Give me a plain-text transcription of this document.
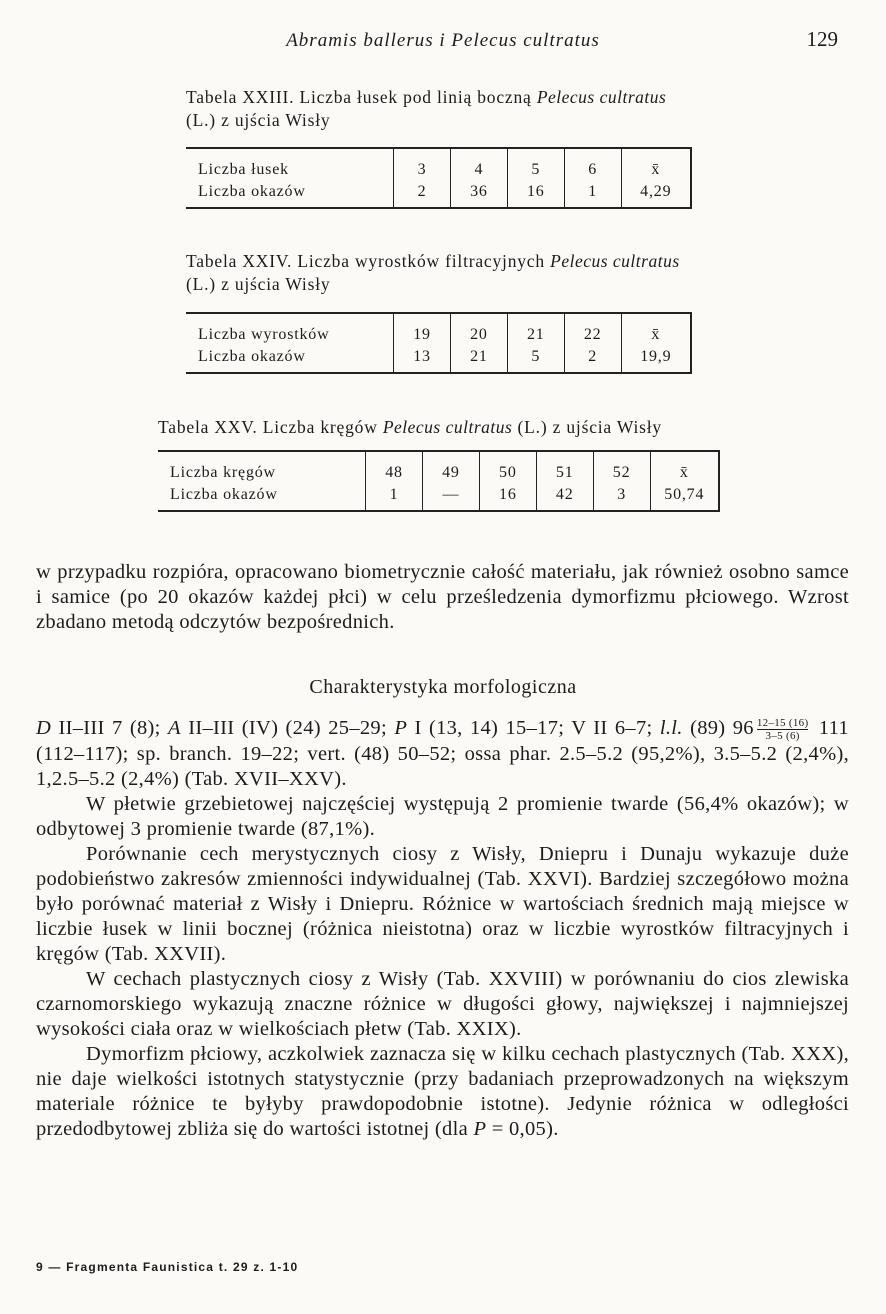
Abramis ballerus i Pelecus cultratus	129
Tabela XXIII. Liczba łusek pod linią boczną Pelecus cultratus
(L.) z ujścia Wisły
Liczba łusek	3	4	5	6	x̄
Liczba okazów	2	36	16	1	4,29
Tabela XXIV. Liczba wyrostków filtracyjnych Pelecus cultratus
(L.) z ujścia Wisły
Liczba wyrostków	19	20	21	22	x̄
Liczba okazów	13	21	5	2	19,9
Tabela XXV. Liczba kręgów Pelecus cultratus (L.) z ujścia Wisły
Liczba kręgów	48	49	50	51	52	x̄
Liczba okazów	1	—	16	42	3	50,74

w przypadku rozpióra, opracowano biometrycznie całość materiału, jak również osobno samce i samice (po 20 okazów każdej płci) w celu prześledzenia dymorfizmu płciowego. Wzrost zbadano metodą odczytów bezpośrednich.

Charakterystyka morfologiczna

D II–III 7 (8); A II–III (IV) (24) 25–29; P I (13, 14) 15–17; V II 6–7; l.l. (89) $96 \frac{12-15 (16)}{3-5 (6)} 111$ (112–117); sp. branch. 19–22; vert. (48) 50–52; ossa phar. 2.5–5.2 (95,2%), 3.5–5.2 (2,4%), 1,2.5–5.2 (2,4%) (Tab. XVII–XXV).

W płetwie grzebietowej najczęściej występują 2 promienie twarde (56,4% okazów); w odbytowej 3 promienie twarde (87,1%).

Porównanie cech merystycznych ciosy z Wisły, Dniepru i Dunaju wykazuje duże podobieństwo zakresów zmienności indywidualnej (Tab. XXVI). Bardziej szczegółowo można było porównać materiał z Wisły i Dniepru. Różnice w wartościach średnich mają miejsce w liczbie łusek w linii bocznej (różnica nieistotna) oraz w liczbie wyrostków filtracyjnych i kręgów (Tab. XXVII).

W cechach plastycznych ciosy z Wisły (Tab. XXVIII) w porównaniu do cios zlewiska czarnomorskiego wykazują znaczne różnice w długości głowy, największej i najmniejszej wysokości ciała oraz w wielkościach płetw (Tab. XXIX).

Dymorfizm płciowy, aczkolwiek zaznacza się w kilku cechach plastycznych (Tab. XXX), nie daje wielkości istotnych statystycznie (przy badaniach przeprowadzonych na większym materiale różnice te byłyby prawdopodobnie istotne). Jedynie różnica w odległości przedodbytowej zbliża się do wartości istotnej (dla P = 0,05).

9 — Fragmenta Faunistica t. 29 z. 1-10
